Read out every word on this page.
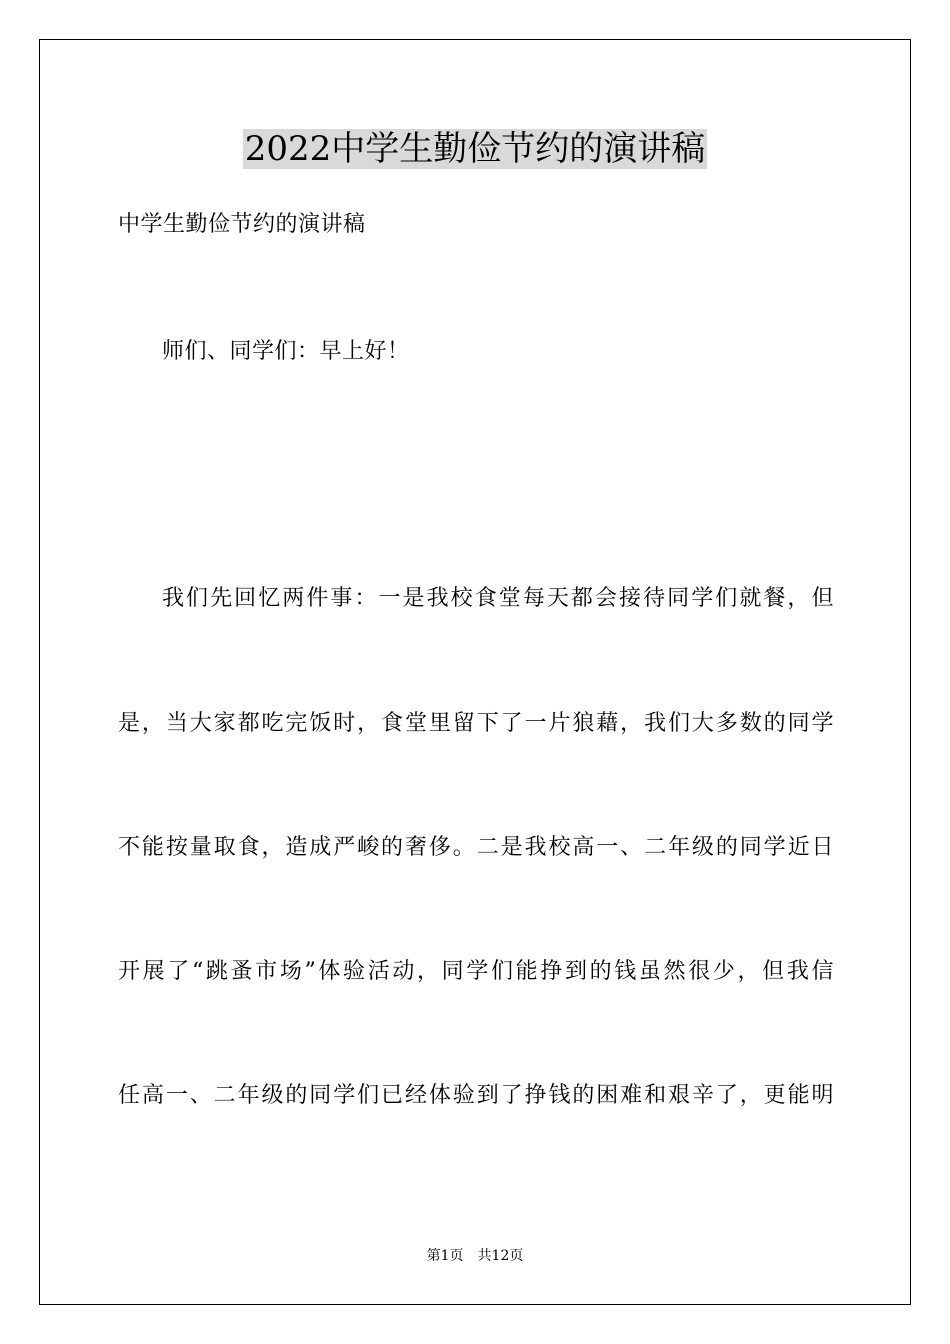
2022中学生勤俭节约的演讲稿
中学生勤俭节约的演讲稿
师们、同学们：早上好！
我们先回忆两件事：一是我校食堂每天都会接待同学们就餐，但
是，当大家都吃完饭时，食堂里留下了一片狼藉，我们大多数的同学
不能按量取食，造成严峻的奢侈。二是我校高一、二年级的同学近日
开展了“跳蚤市场”体验活动，同学们能挣到的钱虽然很少，但我信
任高一、二年级的同学们已经体验到了挣钱的困难和艰辛了，更能明
第1页 共12页
